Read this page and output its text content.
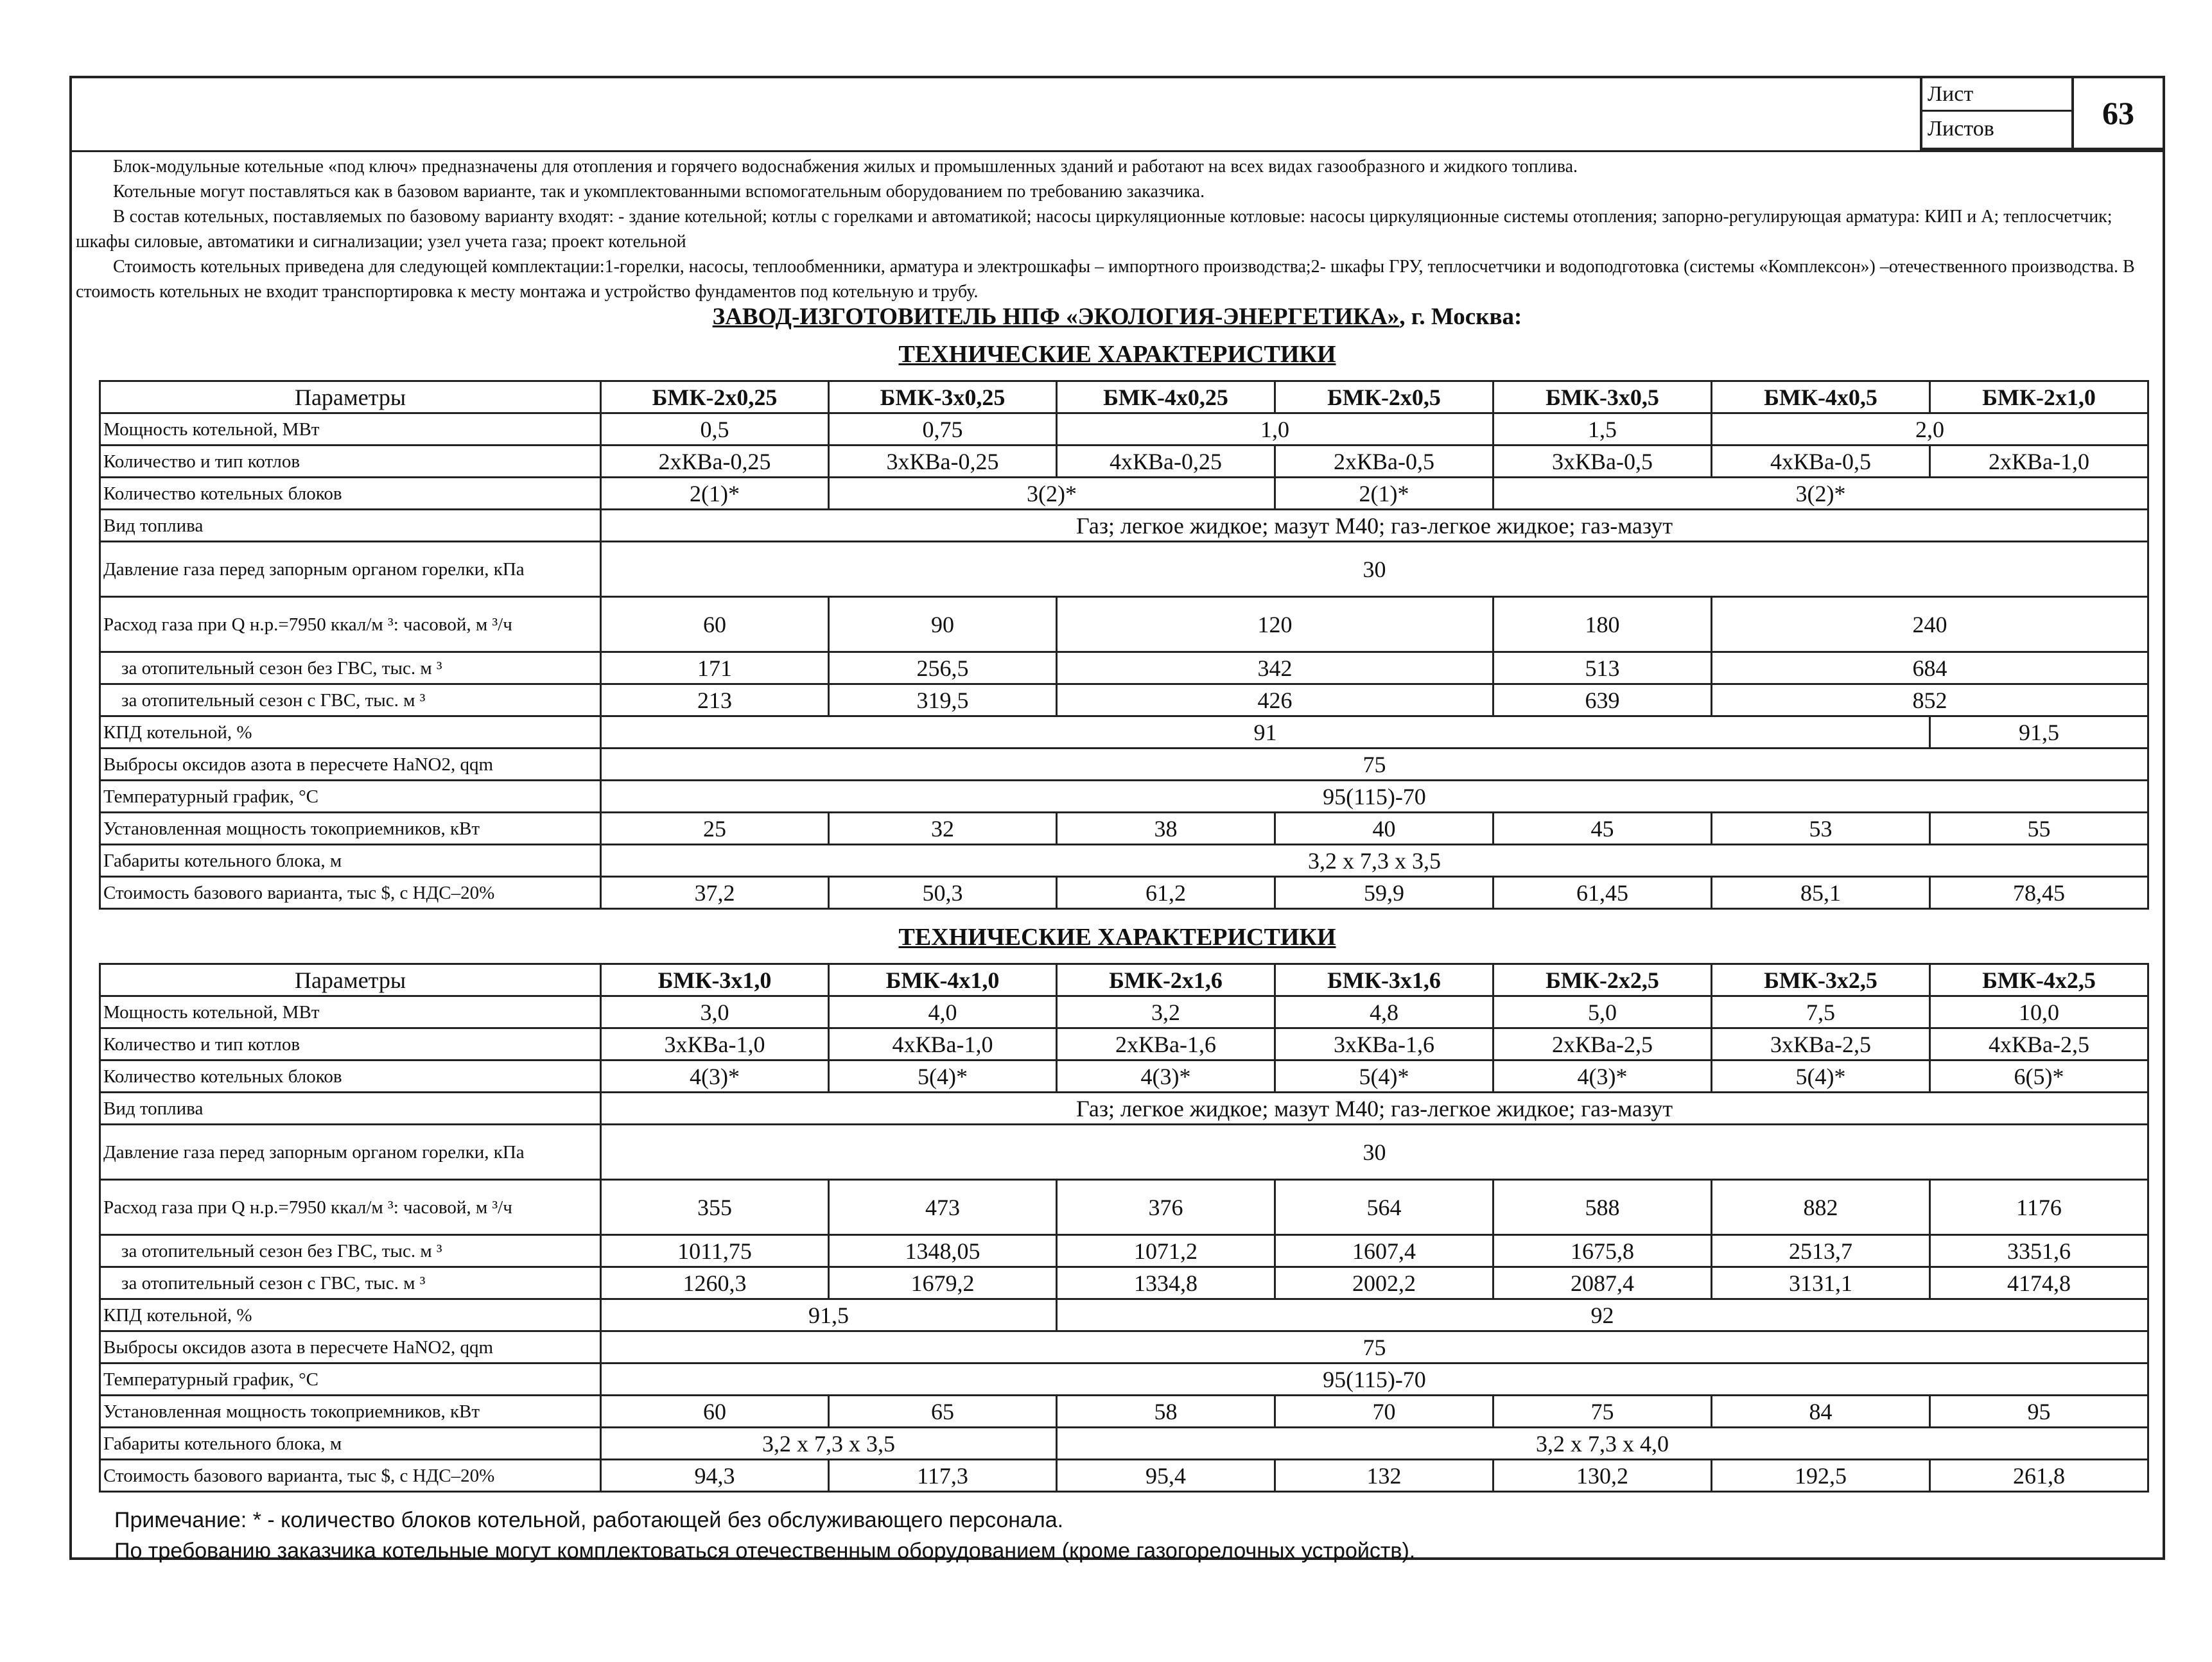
Лист
Листов	63

Блок-модульные котельные «под ключ» предназначены для отопления и горячего водоснабжения жилых и промышленных зданий и работают на всех видах газообразного и жидкого топлива.

Котельные могут поставляться как в базовом варианте, так и укомплектованными вспомогательным оборудованием по требованию заказчика.

В состав котельных, поставляемых по базовому варианту входят: - здание котельной; котлы с горелками и автоматикой; насосы циркуляционные котловые: насосы циркуляционные системы отопления; запорно-регулирующая арматура: КИП и А; теплосчетчик; шкафы силовые, автоматики и сигнализации; узел учета газа; проект котельной

Стоимость котельных приведена для следующей комплектации:1-горелки, насосы, теплообменники, арматура и электрошкафы – импортного производства;2- шкафы ГРУ, теплосчетчики и водоподготовка (системы «Комплексон») –отечественного производства. В стоимость котельных не входит транспортировка к месту монтажа и устройство фундаментов под котельную и трубу.

ЗАВОД-ИЗГОТОВИТЕЛЬ НПФ «ЭКОЛОГИЯ-ЭНЕРГЕТИКА», г. Москва:
ТЕХНИЧЕСКИЕ ХАРАКТЕРИСТИКИ
Параметры	БМК-2х0,25	БМК-3х0,25	БМК-4х0,25	БМК-2х0,5	БМК-3х0,5	БМК-4х0,5	БМК-2х1,0
Мощность котельной, МВт	0,5	0,75	1,0		1,5	2,0	
Количество и тип котлов	2хКВа-0,25	3хКВа-0,25	4хКВа-0,25	2хКВа-0,5	3хКВа-0,5	4хКВа-0,5	2хКВа-1,0
Количество котельных блоков	2(1)*	3(2)*		2(1)*	3(2)*		
Вид топлива	Газ; легкое жидкое; мазут М40; газ-легкое жидкое; газ-мазут						
Давление газа перед запорным органом горелки, кПа	30						
Расход газа при Q н.р.=7950 ккал/м ³: часовой, м ³/ч	60	90	120		180	240	
за отопительный сезон без ГВС, тыс. м ³	171	256,5	342		513	684	
за отопительный сезон с ГВС, тыс. м ³	213	319,5	426		639	852	
КПД котельной, %	91						91,5
Выбросы оксидов азота в пересчете НаNO2, qqm	75						
Температурный график, °С	95(115)-70						
Установленная мощность токоприемников, кВт	25	32	38	40	45	53	55
Габариты котельного блока, м	3,2 х 7,3 х 3,5						
Стоимость базового варианта, тыс $, с НДС–20%	37,2	50,3	61,2	59,9	61,45	85,1	78,45
ТЕХНИЧЕСКИЕ ХАРАКТЕРИСТИКИ
Параметры	БМК-3х1,0	БМК-4х1,0	БМК-2х1,6	БМК-3х1,6	БМК-2х2,5	БМК-3х2,5	БМК-4х2,5
Мощность котельной, МВт	3,0	4,0	3,2	4,8	5,0	7,5	10,0
Количество и тип котлов	3хКВа-1,0	4хКВа-1,0	2хКВа-1,6	3хКВа-1,6	2хКВа-2,5	3хКВа-2,5	4хКВа-2,5
Количество котельных блоков	4(3)*	5(4)*	4(3)*	5(4)*	4(3)*	5(4)*	6(5)*
Вид топлива	Газ; легкое жидкое; мазут М40; газ-легкое жидкое; газ-мазут						
Давление газа перед запорным органом горелки, кПа	30						
Расход газа при Q н.р.=7950 ккал/м ³: часовой, м ³/ч	355	473	376	564	588	882	1176
за отопительный сезон без ГВС, тыс. м ³	1011,75	1348,05	1071,2	1607,4	1675,8	2513,7	3351,6
за отопительный сезон с ГВС, тыс. м ³	1260,3	1679,2	1334,8	2002,2	2087,4	3131,1	4174,8
КПД котельной, %	91,5		92				
Выбросы оксидов азота в пересчете НаNO2, qqm	75						
Температурный график, °С	95(115)-70						
Установленная мощность токоприемников, кВт	60	65	58	70	75	84	95
Габариты котельного блока, м	3,2 х 7,3 х 3,5		3,2 х 7,3 х 4,0				
Стоимость базового варианта, тыс $, с НДС–20%	94,3	117,3	95,4	132	130,2	192,5	261,8

Примечание: * - количество блоков котельной, работающей без обслуживающего персонала.

По требованию заказчика котельные могут комплектоваться отечественным оборудованием (кроме газогорелочных устройств).
